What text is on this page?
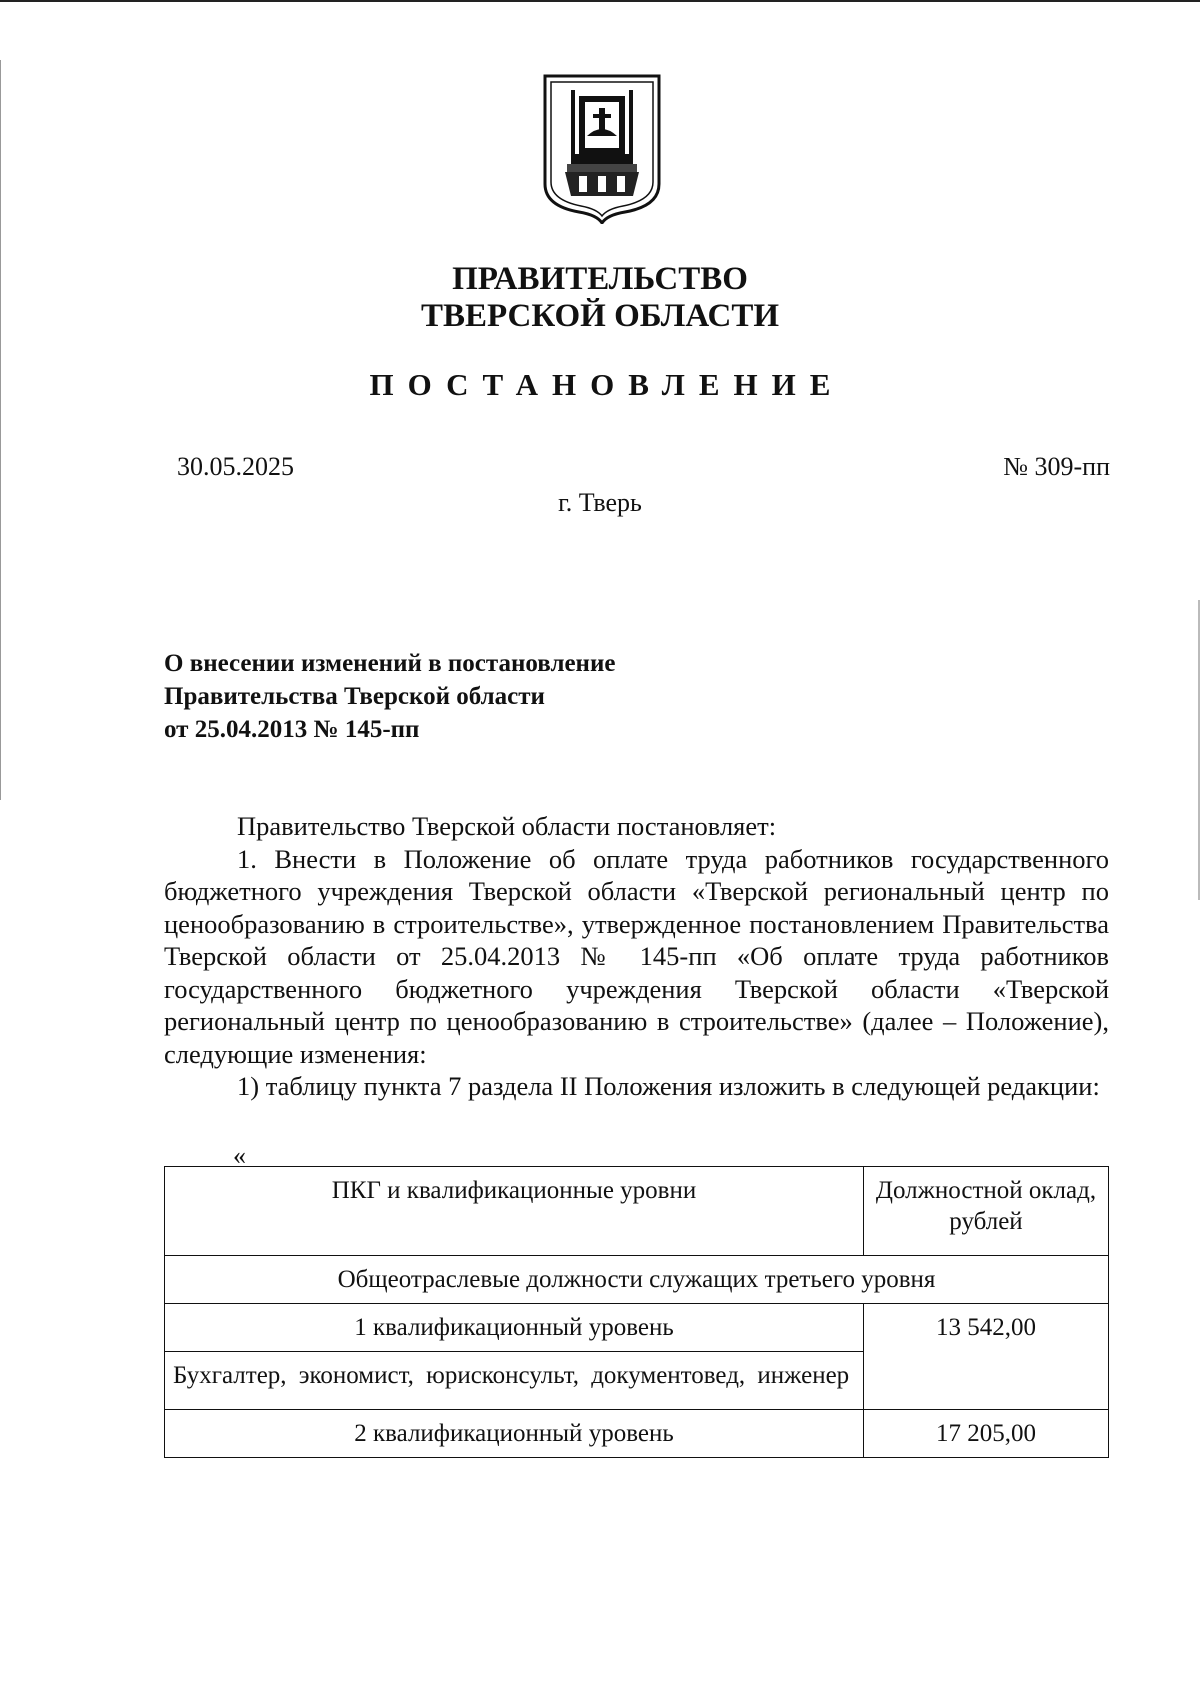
ПРАВИТЕЛЬСТВО
ТВЕРСКОЙ ОБЛАСТИ
ПОСТАНОВЛЕНИЕ
30.05.2025	№ 309-пп
г. Тверь
О внесении изменений в постановление
Правительства Тверской области
от 25.04.2013 № 145-пп

Правительство Тверской области постановляет:

1. Внести в Положение об оплате труда работников государственного бюджетного учреждения Тверской области «Тверской региональный центр по ценообразованию в строительстве», утвержденное постановлением Правительства Тверской области от 25.04.2013 № 145-пп «Об оплате труда работников государственного бюджетного учреждения Тверской области «Тверской региональный центр по ценообразованию в строительстве» (далее – Положение), следующие изменения:

1) таблицу пункта 7 раздела II Положения изложить в следующей редакции:

«
ПКГ и квалификационные уровни	Должностной оклад, рублей
Общеотраслевые должности служащих третьего уровня	
1 квалификационный уровень	13 542,00
Бухгалтер, экономист, юрисконсульт, документовед, инженер	
2 квалификационный уровень	17 205,00
